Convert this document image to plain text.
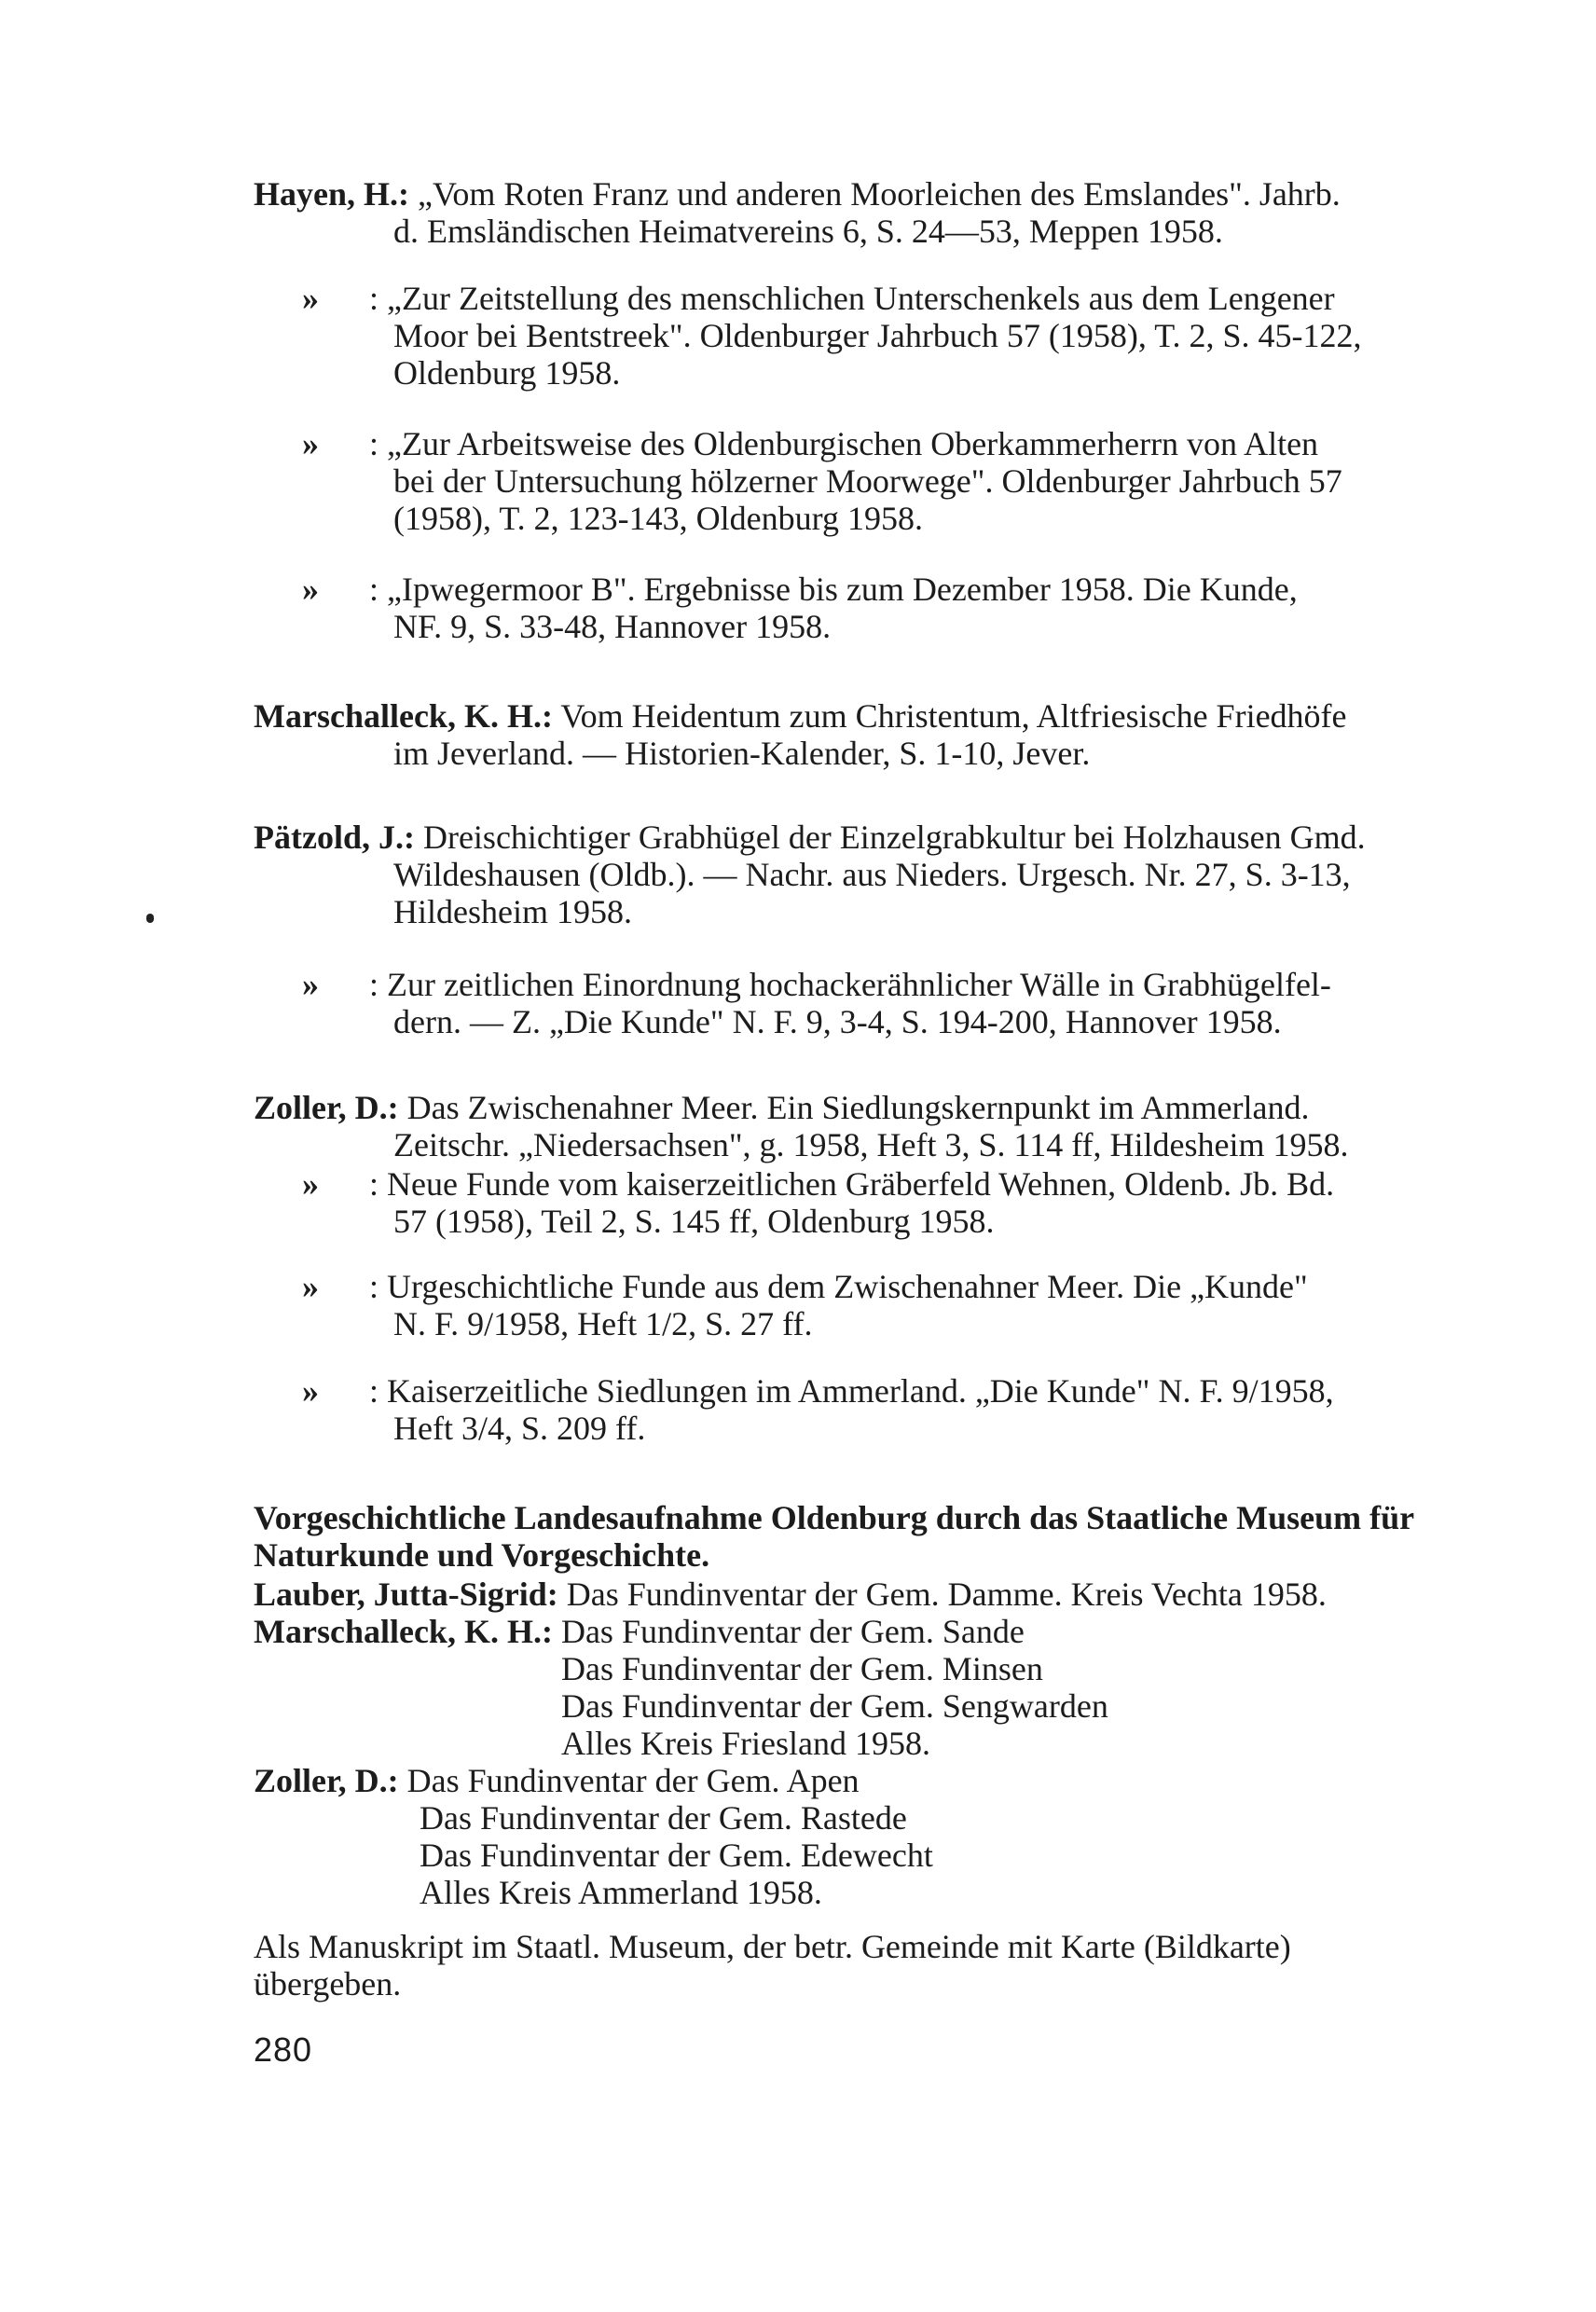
Hayen, H.: „Vom Roten Franz und anderen Moorleichen des Emslandes". Jahrb.
d. Emsländischen Heimatvereins 6, S. 24—53, Meppen 1958.
» : „Zur Zeitstellung des menschlichen Unterschenkels aus dem Lengener
Moor bei Bentstreek". Oldenburger Jahrbuch 57 (1958), T. 2, S. 45-122,
Oldenburg 1958.
» : „Zur Arbeitsweise des Oldenburgischen Oberkammerherrn von Alten
bei der Untersuchung hölzerner Moorwege". Oldenburger Jahrbuch 57
(1958), T. 2, 123-143, Oldenburg 1958.
» : „Ipwegermoor B". Ergebnisse bis zum Dezember 1958. Die Kunde,
NF. 9, S. 33-48, Hannover 1958.
Marschalleck, K. H.: Vom Heidentum zum Christentum, Altfriesische Friedhöfe
im Jeverland. — Historien-Kalender, S. 1-10, Jever.
Pätzold, J.: Dreischichtiger Grabhügel der Einzelgrabkultur bei Holzhausen Gmd.
Wildeshausen (Oldb.). — Nachr. aus Nieders. Urgesch. Nr. 27, S. 3-13,
Hildesheim 1958.
» : Zur zeitlichen Einordnung hochackerähnlicher Wälle in Grabhügelfel-
dern. — Z. „Die Kunde" N. F. 9, 3-4, S. 194-200, Hannover 1958.
Zoller, D.: Das Zwischenahner Meer. Ein Siedlungskernpunkt im Ammerland.
Zeitschr. „Niedersachsen", g. 1958, Heft 3, S. 114 ff, Hildesheim 1958.
» : Neue Funde vom kaiserzeitlichen Gräberfeld Wehnen, Oldenb. Jb. Bd.
57 (1958), Teil 2, S. 145 ff, Oldenburg 1958.
» : Urgeschichtliche Funde aus dem Zwischenahner Meer. Die „Kunde"
N. F. 9/1958, Heft 1/2, S. 27 ff.
» : Kaiserzeitliche Siedlungen im Ammerland. „Die Kunde" N. F. 9/1958,
Heft 3/4, S. 209 ff.
Vorgeschichtliche Landesaufnahme Oldenburg durch das Staatliche Museum für
Naturkunde und Vorgeschichte.
Lauber, Jutta-Sigrid: Das Fundinventar der Gem. Damme. Kreis Vechta 1958.
Marschalleck, K. H.: Das Fundinventar der Gem. Sande
Das Fundinventar der Gem. Minsen
Das Fundinventar der Gem. Sengwarden
Alles Kreis Friesland 1958.
Zoller, D.: Das Fundinventar der Gem. Apen
Das Fundinventar der Gem. Rastede
Das Fundinventar der Gem. Edewecht
Alles Kreis Ammerland 1958.
Als Manuskript im Staatl. Museum, der betr. Gemeinde mit Karte (Bildkarte)
übergeben.
280
